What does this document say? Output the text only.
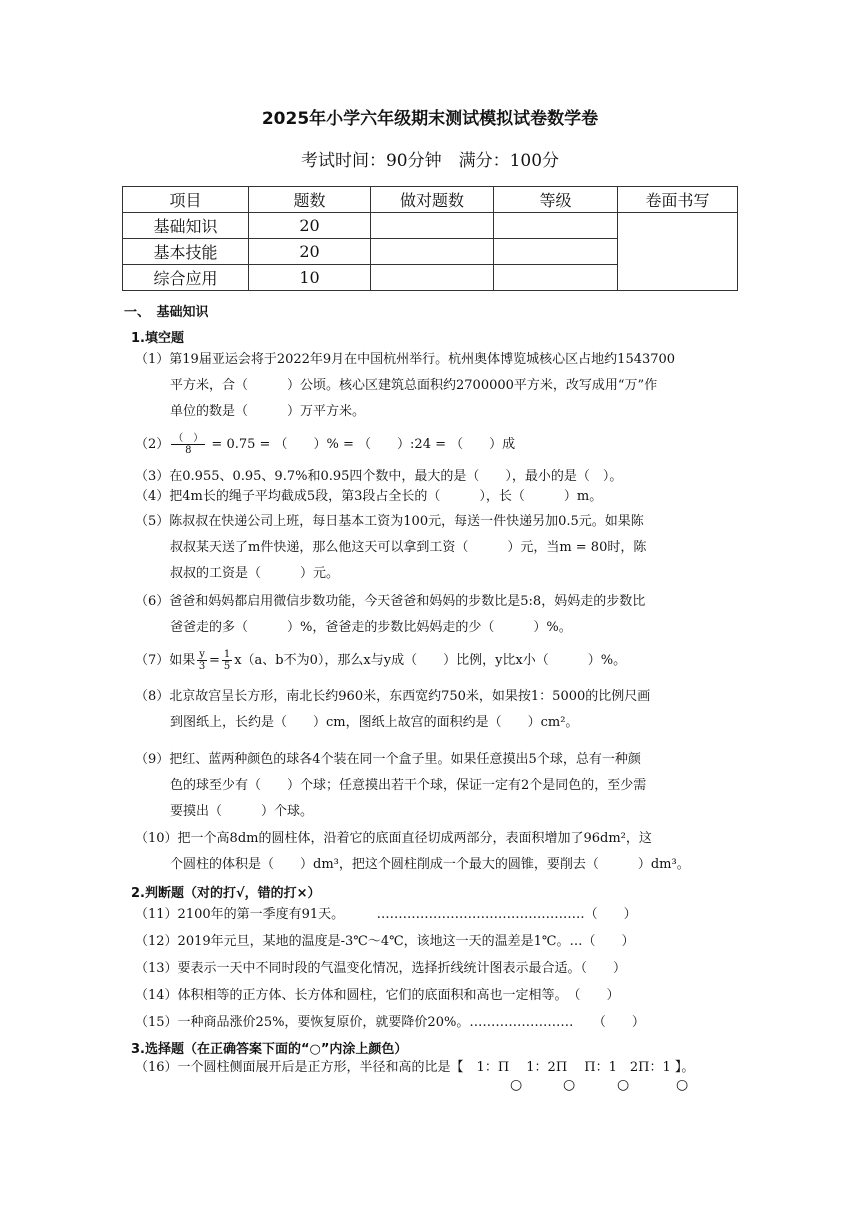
2025年小学六年级期末测试模拟试卷数学卷
考试时间：90分钟　满分：100分
项目	题数	做对题数	等级	卷面书写
基础知识	20			
基本技能	20			
综合应用	10			
一、　基础知识
1.填空题
（1）第19届亚运会将于2022年9月在中国杭州举行。杭州奥体博览城核心区占地约1543700
平方米，合（　　　）公顷。核心区建筑总面积约2700000平方米，改写成用“万”作
单位的数是（　　　）万平方米。
$(2) \frac{( )}{8} = 0.75$ = （　　）% = （　　）:24 = （　　）成
（3）在0.955、0.95̇、9.7%和0.95̇四个数中，最大的是（　　），最小的是（　）。
（4）把4m长的绳子平均截成5段，第3段占全长的（　　　），长（　　　）m。
（5）陈叔叔在快递公司上班，每日基本工资为100元，每送一件快递另加0.5元。如果陈
叔叔某天送了m件快递，那么他这天可以拿到工资（　　　）元，当m = 80时，陈
叔叔的工资是（　　　）元。
（6）爸爸和妈妈都启用微信步数功能，今天爸爸和妈妈的步数比是5:8，妈妈走的步数比
爸爸走的多（　　　）%，爸爸走的步数比妈妈走的少（　　　）%。
（7）如果 $\frac{y}{3} = \frac{1}{5} x(a$、b不为0），那么x与y成（　　）比例，y比x小（　　　）%。
（8）北京故宫呈长方形，南北长约960米，东西宽约750米，如果按1：5000的比例尺画
到图纸上，长约是（　　）cm，图纸上故宫的面积约是（　　）cm²。
（9）把红、蓝两种颜色的球各4个装在同一个盒子里。如果任意摸出5个球，总有一种颜
色的球至少有（　　）个球；任意摸出若干个球，保证一定有2个是同色的，至少需
要摸出（　　　）个球。
（10）把一个高8dm的圆柱体，沿着它的底面直径切成两部分，表面积增加了96dm²，这
个圆柱的体积是（　　）dm³，把这个圆柱削成一个最大的圆锥，要削去（　　　）dm³。
2.判断题（对的打√，错的打×）
（11）2100年的第一季度有91天。　　　…………………………………………（　　）
（12）2019年元旦，某地的温度是-3℃～4℃，该地这一天的温差是1℃。…（　　）
（13）要表示一天中不同时段的气温变化情况，选择折线统计图表示最合适。（　　）
（14）体积相等的正方体、长方体和圆柱，它们的底面积和高也一定相等。　（　　）
（15）一种商品涨价25%，要恢复原价，就要降价20%。……………………　　（　　）
3.选择题（在正确答案下面的“○”内涂上颜色）
（16）一个圆柱侧面展开后是正方形，半径和高的比是【　1：Π　 1：2Π　 Π：1　2Π：1 】。
○	○	○	○
